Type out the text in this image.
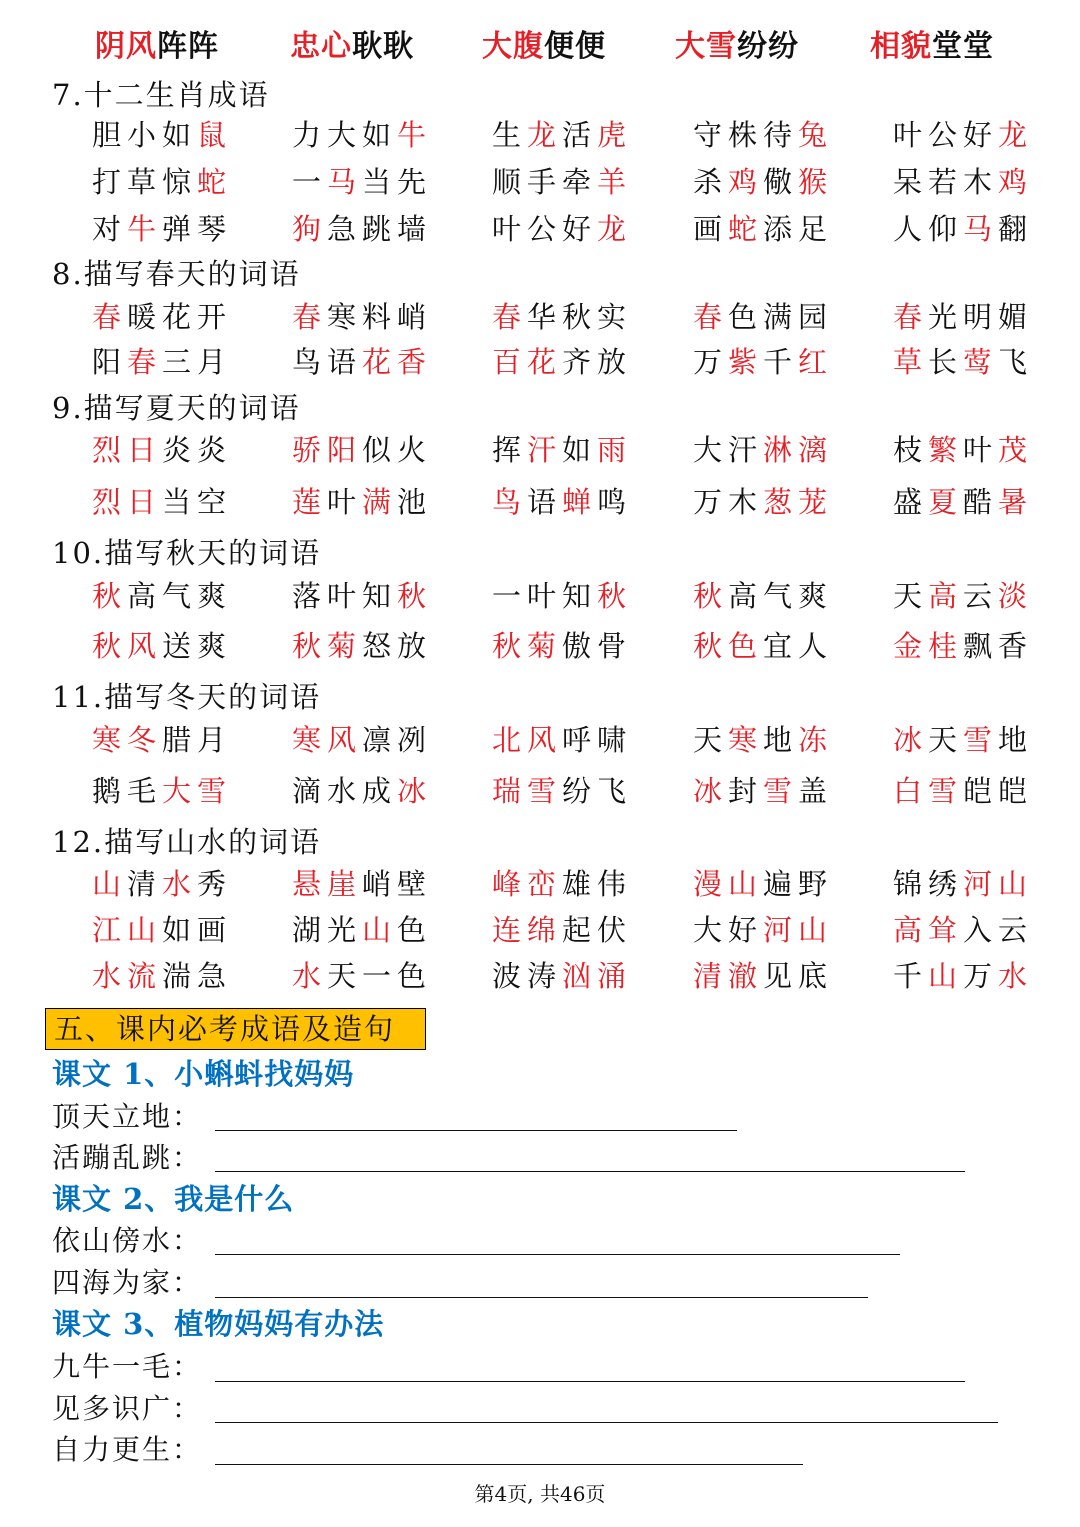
阴风阵阵	忠心耿耿	大腹便便	大雪纷纷	相貌堂堂
7.十二生肖成语
胆小如鼠	力大如牛	生龙活虎	守株待兔	叶公好龙
打草惊蛇	一马当先	顺手牵羊	杀鸡儆猴	呆若木鸡
对牛弹琴	狗急跳墙	叶公好龙	画蛇添足	人仰马翻
8.描写春天的词语
春暖花开	春寒料峭	春华秋实	春色满园	春光明媚
阳春三月	鸟语花香	百花齐放	万紫千红	草长莺飞
9.描写夏天的词语
烈日炎炎	骄阳似火	挥汗如雨	大汗淋漓	枝繁叶茂
烈日当空	莲叶满池	鸟语蝉鸣	万木葱茏	盛夏酷暑
10.描写秋天的词语
秋高气爽	落叶知秋	一叶知秋	秋高气爽	天高云淡
秋风送爽	秋菊怒放	秋菊傲骨	秋色宜人	金桂飘香
11.描写冬天的词语
寒冬腊月	寒风凛冽	北风呼啸	天寒地冻	冰天雪地
鹅毛大雪	滴水成冰	瑞雪纷飞	冰封雪盖	白雪皑皑
12.描写山水的词语
山清水秀	悬崖峭壁	峰峦雄伟	漫山遍野	锦绣河山
江山如画	湖光山色	连绵起伏	大好河山	高耸入云
水流湍急	水天一色	波涛汹涌	清澈见底	千山万水
五、课内必考成语及造句
课文 1、小蝌蚪找妈妈
顶天立地：
活蹦乱跳：
课文 2、我是什么
依山傍水：
四海为家：
课文 3、植物妈妈有办法
九牛一毛：
见多识广：
自力更生：
第4页, 共46页
